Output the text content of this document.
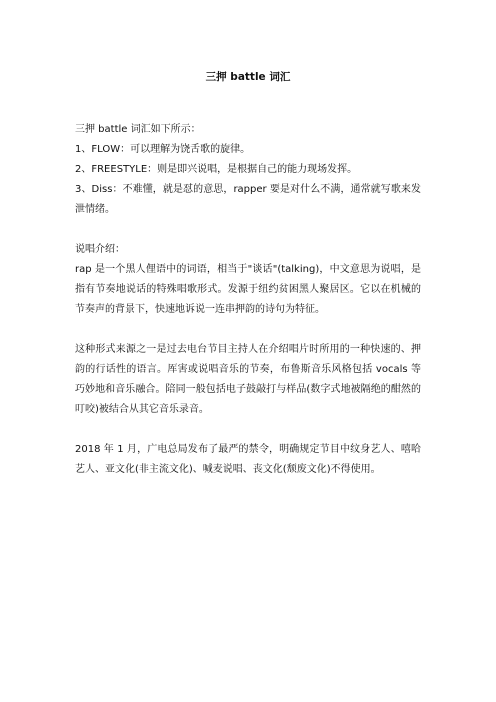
三押 battle 词汇

三押 battle 词汇如下所示：

1、FLOW：可以理解为饶舌歌的旋律。

2、FREESTYLE：则是即兴说唱，是根据自己的能力现场发挥。

3、Diss：不难懂，就是怼的意思，rapper 要是对什么不满，通常就写歌来发泄情绪。

说唱介绍：

rap 是一个黑人俚语中的词语，相当于"谈话"(talking)，中文意思为说唱，是指有节奏地说话的特殊唱歌形式。发源于纽约贫困黑人聚居区。它以在机械的节奏声的背景下，快速地诉说一连串押韵的诗句为特征。

这种形式来源之一是过去电台节目主持人在介绍唱片时所用的一种快速的、押韵的行话性的语言。厍害或说唱音乐的节奏，布鲁斯音乐风格包括 vocals 等巧妙地和音乐融合。陪同一般包括电子鼓敲打与样品(数字式地被隔绝的酣然的叮咬)被结合从其它音乐录音。

2018 年 1 月，广电总局发布了最严的禁令，明确规定节目中纹身艺人、嘻哈艺人、亚文化(非主流文化)、喊麦说唱、丧文化(颓废文化)不得使用。
